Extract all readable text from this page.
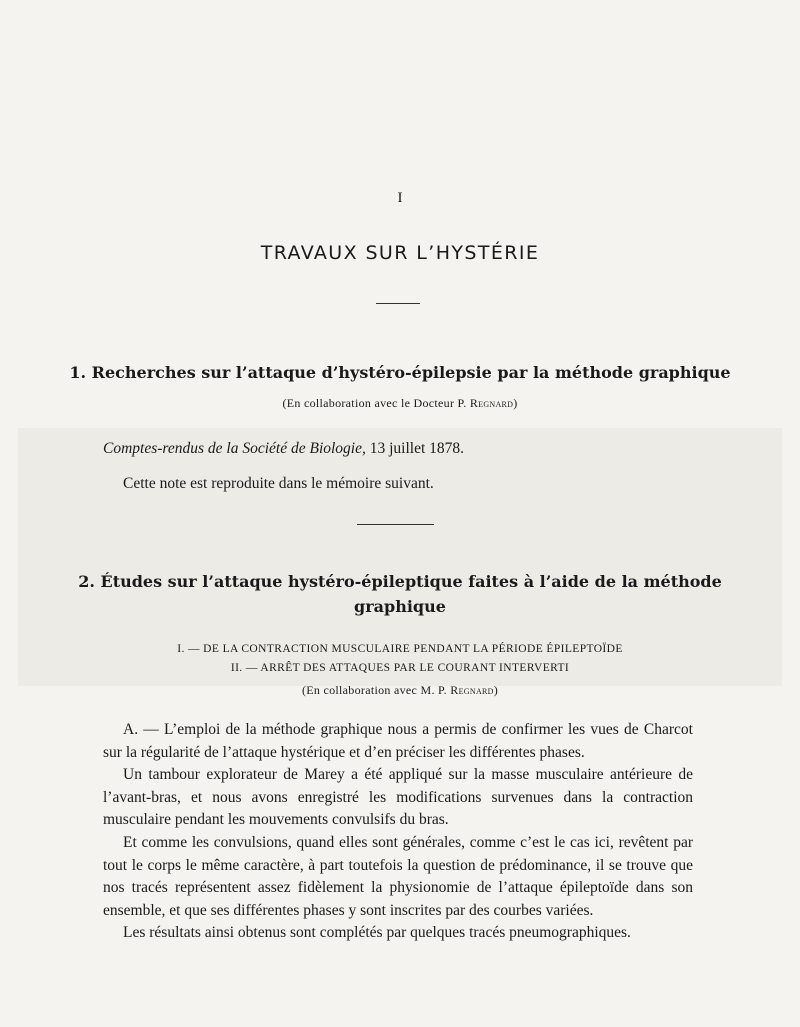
I
TRAVAUX SUR L’HYSTÉRIE
1. Recherches sur l’attaque d’hystéro-épilepsie par la méthode graphique
(En collaboration avec le Docteur P. Regnard)
Comptes-rendus de la Société de Biologie, 13 juillet 1878.
Cette note est reproduite dans le mémoire suivant.
2. Études sur l’attaque hystéro-épileptique faites à l’aide de la méthode
graphique
I. — DE LA CONTRACTION MUSCULAIRE PENDANT LA PÉRIODE ÉPILEPTOÏDE
II. — ARRÊT DES ATTAQUES PAR LE COURANT INTERVERTI
(En collaboration avec M. P. Regnard)

A. — L’emploi de la méthode graphique nous a permis de confirmer les vues de Charcot sur la régularité de l’attaque hystérique et d’en préciser les différentes phases.

Un tambour explorateur de Marey a été appliqué sur la masse musculaire antérieure de l’avant-bras, et nous avons enregistré les modifications survenues dans la contraction musculaire pendant les mouvements convulsifs du bras.

Et comme les convulsions, quand elles sont générales, comme c’est le cas ici, revêtent par tout le corps le même caractère, à part toutefois la question de prédominance, il se trouve que nos tracés représentent assez fidèlement la physionomie de l’attaque épileptoïde dans son ensemble, et que ses différentes phases y sont inscrites par des courbes variées.

Les résultats ainsi obtenus sont complétés par quelques tracés pneumographiques.
